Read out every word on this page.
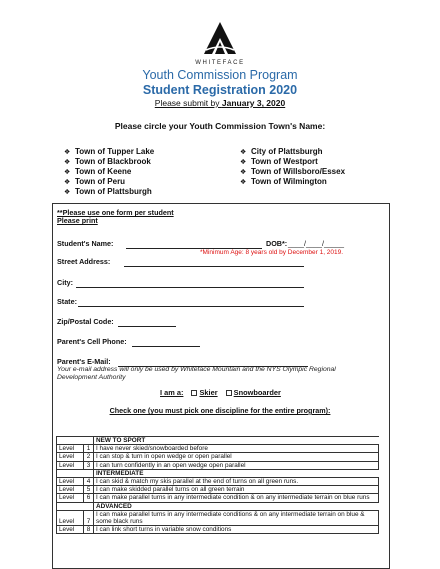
WHITEFACE
Youth Commission Program
Student Registration 2020
Please submit by January 3, 2020
Please circle your Youth Commission Town's Name:
❖ Town of Tupper Lake
❖ Town of Blackbrook
❖ Town of Keene
❖ Town of Peru
❖ Town of Plattsburgh
❖ City of Plattsburgh
❖ Town of Westport
❖ Town of Willsboro/Essex
❖ Town of Wilmington
**Please use one form per student
Please print
Student's Name:	DOB*: ____/____/_____
*Minimum Age: 8 years old by December 1, 2019.
Street Address:
City:
State:
Zip/Postal Code:
Parent's Cell Phone:
Parent's E-Mail:
Your e-mail address will only be used by Whiteface Mountain and the NYS Olympic Regional Development Authority
I am a: Skier Snowboarder
Check one (you must pick one discipline for the entire program):
		NEW TO SPORT
Level	1	I have never skied/snowboarded before
Level	2	I can stop & turn in open wedge or open parallel
Level	3	I can turn confidently in an open wedge open parallel
		INTERMEDIATE
Level	4	I can skid & match my skis parallel at the end of turns on all green runs.
Level	5	I can make skidded parallel turns on all green terrain
Level	6	I can make parallel turns in any intermediate condition & on any intermediate terrain on blue runs
		ADVANCED
Level	7	I can make parallel turns in any intermediate conditions & on any intermediate terrain on blue & some black runs
Level	8	I can link short turns in variable snow conditions
